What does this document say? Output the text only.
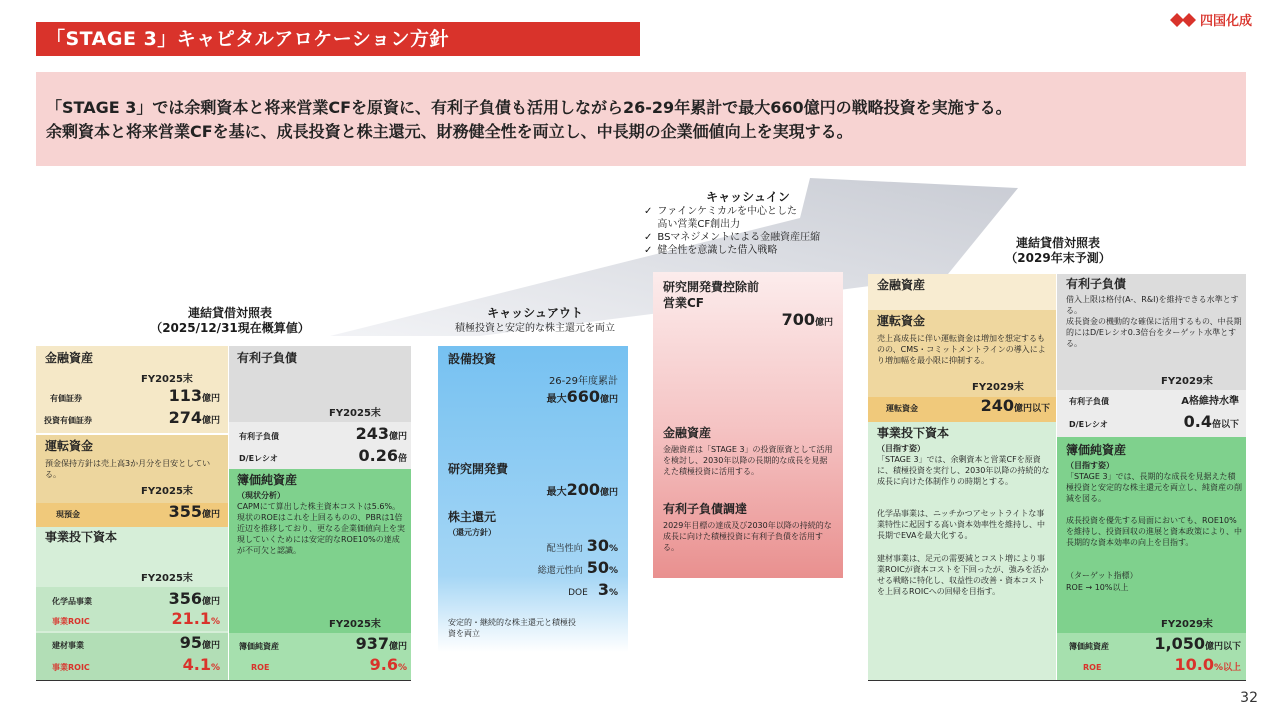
「STAGE 3」キャピタルアロケーション方針
四国化成
「STAGE 3」では余剰資本と将来営業CFを原資に、有利子負債も活用しながら26-29年累計で最大660億円の戦略投資を実施する。
余剰資本と将来営業CFを基に、成長投資と株主還元、財務健全性を両立し、中長期の企業価値向上を実現する。
連結貸借対照表
（2025/12/31現在概算値）
金融資産
FY2025末
有価証券	113億円
投資有価証券	274億円
運転資金
預金保持方針は売上高3か月分を目安としている。
FY2025末
現預金	355億円
事業投下資本
FY2025末
化学品事業	356億円
事業ROIC	21.1%
建材事業	95億円
事業ROIC	4.1%
有利子負債
FY2025末
有利子負債	243億円
D/Eレシオ	0.26倍
簿価純資産
（現状分析）
CAPMにて算出した株主資本コストは5.6%。現状のROEはこれを上回るものの、PBRは1倍近辺を推移しており、更なる企業価値向上を実現していくためには安定的なROE10%の達成が不可欠と認識。
FY2025末
簿価純資産	937億円
ROE	9.6%
キャッシュアウト
積極投資と安定的な株主還元を両立
設備投資
26-29年度累計
最大660億円
研究開発費
最大200億円
株主還元
（還元方針）
配当性向 30%
総還元性向 50%
DOE 3%
安定的・継続的な株主還元と積極投資を両立
キャッシュイン
✓ ファインケミカルを中心とした高い営業CF創出力
✓ BSマネジメントによる金融資産圧縮
✓ 健全性を意識した借入戦略
研究開発費控除前
営業CF
700億円
金融資産
金融資産は「STAGE 3」の投資原資として活用を検討し、2030年以降の長期的な成長を見据えた積極投資に活用する。
有利子負債調達
2029年目標の達成及び2030年以降の持続的な成長に向けた積極投資に有利子負債を活用する。
連結貸借対照表
（2029年末予測）
金融資産
運転資金
売上高成長に伴い運転資金は増加を想定するものの、CMS・コミットメントラインの導入により増加幅を最小限に抑制する。
FY2029末
運転資金	240億円以下
事業投下資本
（目指す姿）
「STAGE 3」では、余剰資本と営業CFを原資に、積極投資を実行し、2030年以降の持続的な成長に向けた体制作りの時期とする。
化学品事業は、ニッチかつアセットライトな事業特性に起因する高い資本効率性を維持し、中長期でEVAを最大化する。
建材事業は、足元の需要減とコスト増により事業ROICが資本コストを下回ったが、強みを活かせる戦略に特化し、収益性の改善・資本コストを上回るROICへの回帰を目指す。
有利子負債
借入上限は格付(A-、R&I)を維持できる水準とする。
成長資金の機動的な確保に活用するもの、中長期的にはD/Eレシオ0.3倍台をターゲット水準とする。
FY2029末
有利子負債	A格維持水準
D/Eレシオ	0.4倍以下
簿価純資産
（目指す姿）
「STAGE 3」では、長期的な成長を見据えた積極投資と安定的な株主還元を両立し、純資産の削減を図る。
成長投資を優先する局面においても、ROE10%を維持し、投資回収の進展と資本政策により、中長期的な資本効率の向上を目指す。
（ターゲット指標）
ROE → 10%以上
FY2029末
簿価純資産	1,050億円以下
ROE	10.0%以上
32
